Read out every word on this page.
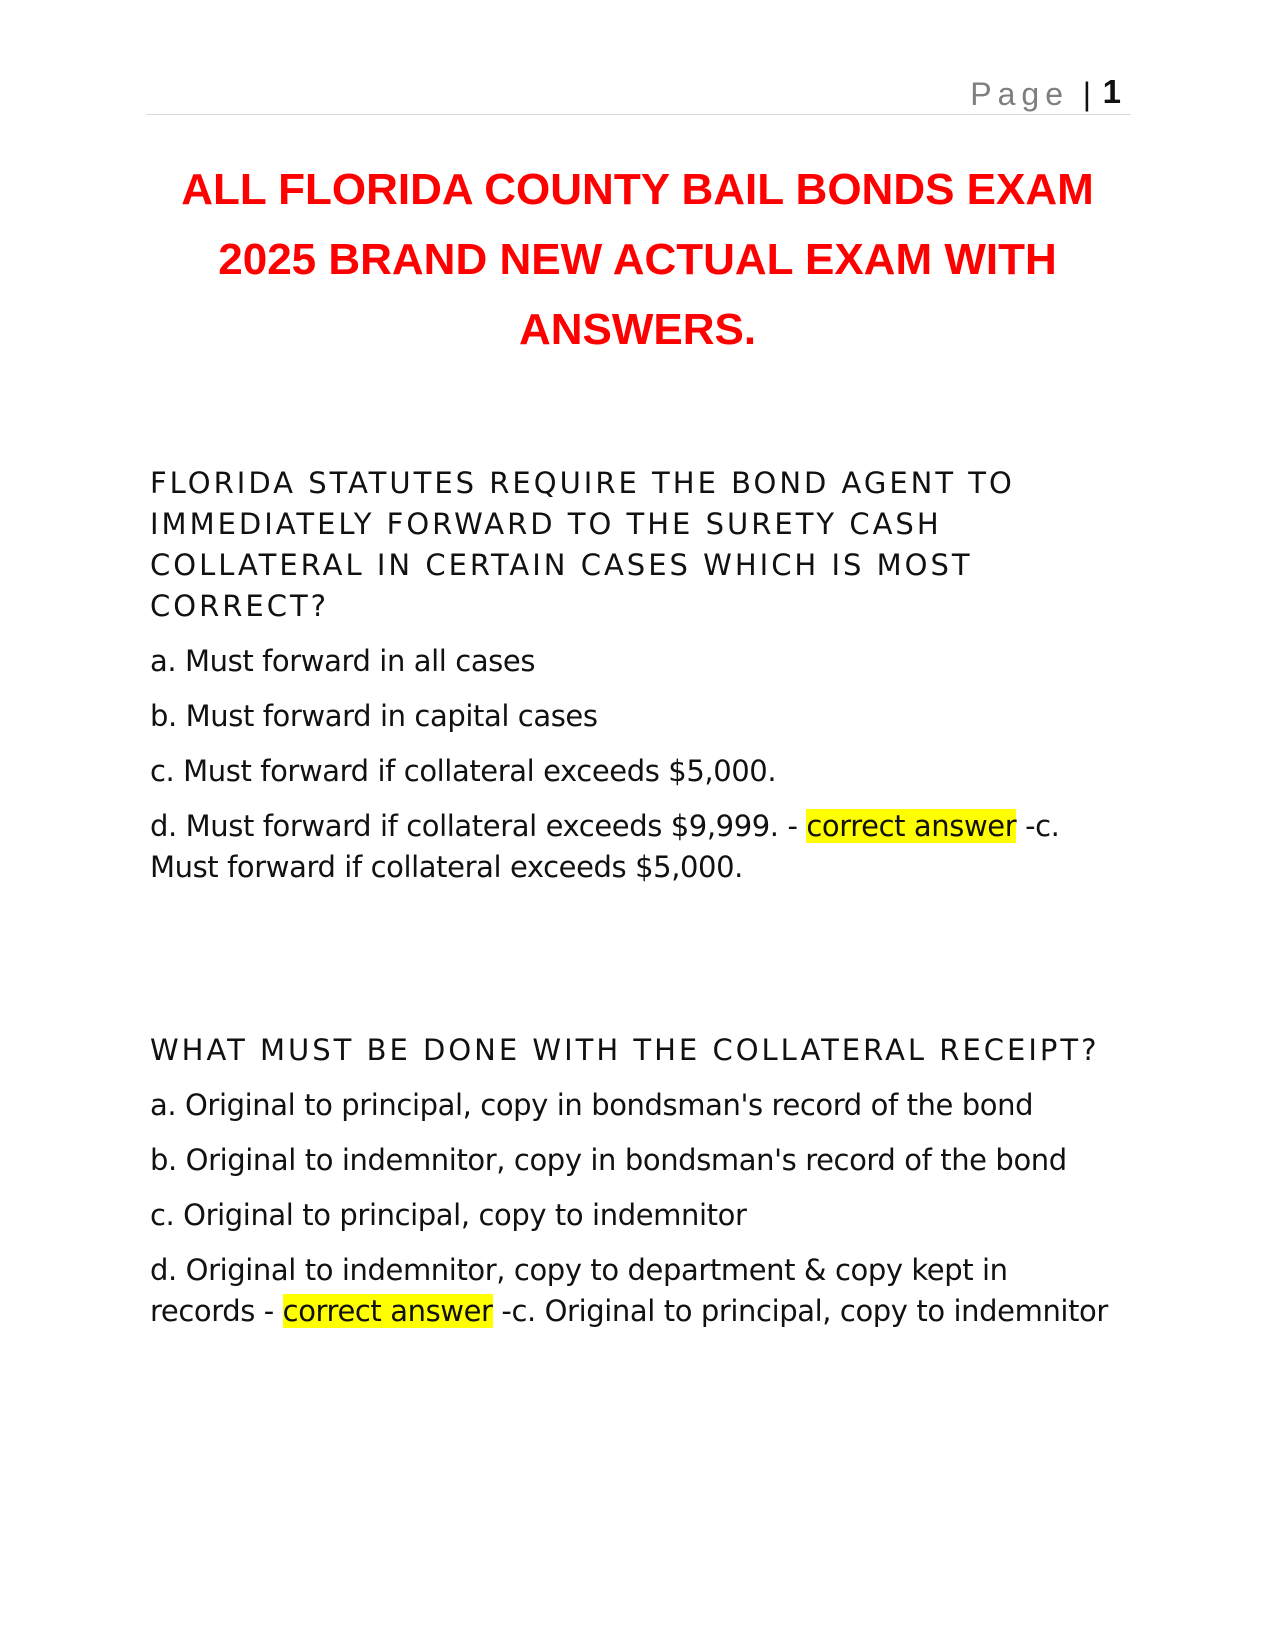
Page | 1
ALL FLORIDA COUNTY BAIL BONDS EXAM 2025 BRAND NEW ACTUAL EXAM WITH ANSWERS.

FLORIDA STATUTES REQUIRE THE BOND AGENT TO IMMEDIATELY FORWARD TO THE SURETY CASH COLLATERAL IN CERTAIN CASES WHICH IS MOST CORRECT?

a. Must forward in all cases

b. Must forward in capital cases

c. Must forward if collateral exceeds $5,000.

d. Must forward if collateral exceeds $9,999. - correct answer -c. Must forward if collateral exceeds $5,000.

WHAT MUST BE DONE WITH THE COLLATERAL RECEIPT?

a. Original to principal, copy in bondsman's record of the bond

b. Original to indemnitor, copy in bondsman's record of the bond

c. Original to principal, copy to indemnitor

d. Original to indemnitor, copy to department & copy kept in records - correct answer -c. Original to principal, copy to indemnitor
